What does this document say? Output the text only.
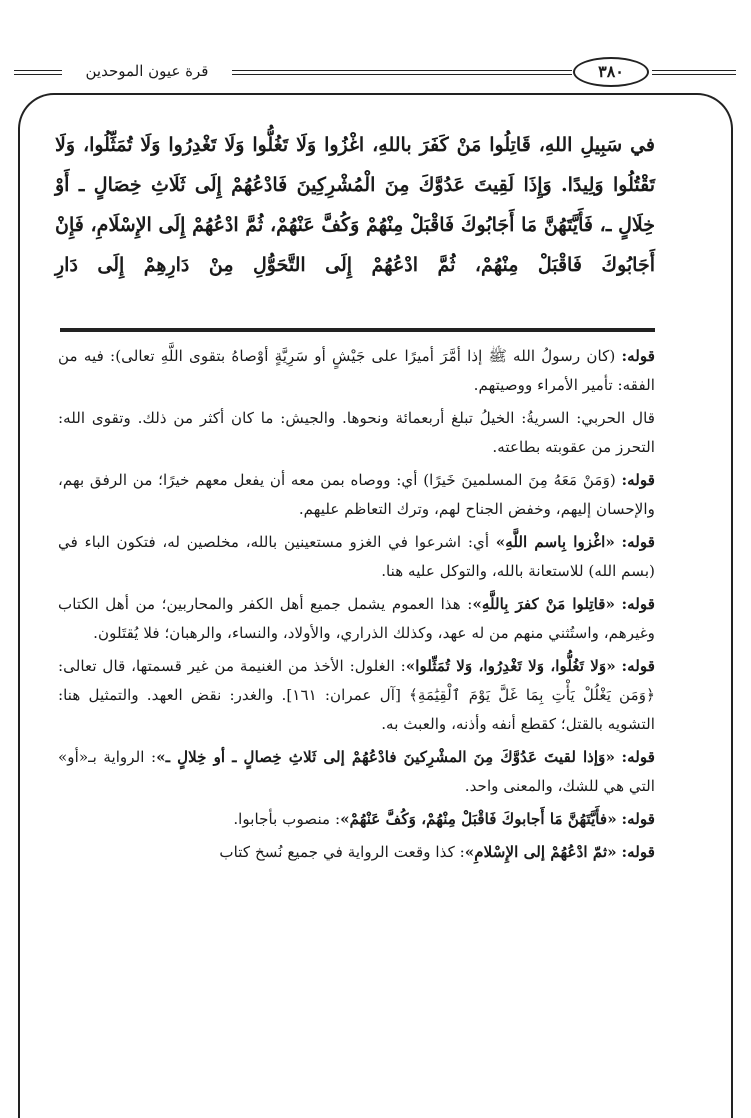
قرة عيون الموحدين	٣٨٠

في سَبِيلِ اللهِ، قَاتِلُوا مَنْ كَفَرَ باللهِ، اغْزُوا وَلَا تَغُلُّوا وَلَا تَغْدِرُوا وَلَا تُمَثِّلُوا، وَلَا تَقْتُلُوا وَلِيدًا. وَإِذَا لَقِيتَ عَدُوَّكَ مِنَ الْمُشْرِكِينَ فَادْعُهُمْ إِلَى ثَلَاثِ خِصَالٍ ـ أَوْ خِلَالٍ ـ، فَأَيَّتَهُنَّ مَا أَجَابُوكَ فَاقْبَلْ مِنْهُمْ وَكُفَّ عَنْهُمْ، ثُمَّ ادْعُهُمْ إِلَى الإِسْلَامِ، فَإِنْ أَجَابُوكَ فَاقْبَلْ مِنْهُمْ، ثُمَّ ادْعُهُمْ إِلَى التَّحَوُّلِ مِنْ دَارِهِمْ إِلَى دَارِ

قوله: (كان رسولُ الله ﷺ إذا أمَّرَ أميرًا على جَيْشٍ أو سَرِيَّةٍ أوْصاهُ بتقوى اللَّهِ تعالى): فيه من الفقه: تأمير الأمراء ووصيتهم.

قال الحربي: السريةُ: الخيلُ تبلغ أربعمائة ونحوها. والجيش: ما كان أكثر من ذلك. وتقوى الله: التحرز من عقوبته بطاعته.

قوله: (وَمَنْ مَعَهُ مِنَ المسلمينَ خَيرًا) أي: ووصاه بمن معه أن يفعل معهم خيرًا؛ من الرفق بهم، والإحسان إليهم، وخفض الجناح لهم، وترك التعاظم عليهم.

قوله: «اغْزوا بِاسم اللَّهِ» أي: اشرعوا في الغزو مستعينين بالله، مخلصين له، فتكون الباء في (بسم الله) للاستعانة بالله، والتوكل عليه هنا.

قوله: «قاتِلوا مَنْ كفرَ بِاللَّهِ»: هذا العموم يشمل جميع أهل الكفر والمحاربين؛ من أهل الكتاب وغيرهم، واستُثني منهم من له عهد، وكذلك الذراري، والأولاد، والنساء، والرهبان؛ فلا يُقتَلون.

قوله: «وَلا تَغُلُّوا، وَلا تَغْدِرُوا، وَلا تُمَثِّلوا»: الغلول: الأخذ من الغنيمة من غير قسمتها، قال تعالى: ﴿وَمَن يَغْلُلْ يَأْتِ بِمَا غَلَّ يَوْمَ ٱلْقِيَٰمَةِ﴾ [آل عمران: ١٦١]. والغدر: نقض العهد. والتمثيل هنا: التشويه بالقتل؛ كقطع أنفه وأذنه، والعبث به.

قوله: «وَإذا لقيتَ عَدُوَّكَ مِنَ المشْرِكينَ فادْعُهُمْ إلى ثَلاثِ خِصالٍ ـ أو خِلالٍ ـ»: الرواية بـ«أو» التي هي للشك، والمعنى واحد.

قوله: «فأَيَّتَهُنَّ مَا أَجابوكَ فَاقْبَلْ مِنْهُمْ، وَكُفَّ عَنْهُمْ»: منصوب بأجابوا.

قوله: «ثمّ ادْعُهُمْ إلى الإِسْلامِ»: كذا وقعت الرواية في جميع نُسخ كتاب
